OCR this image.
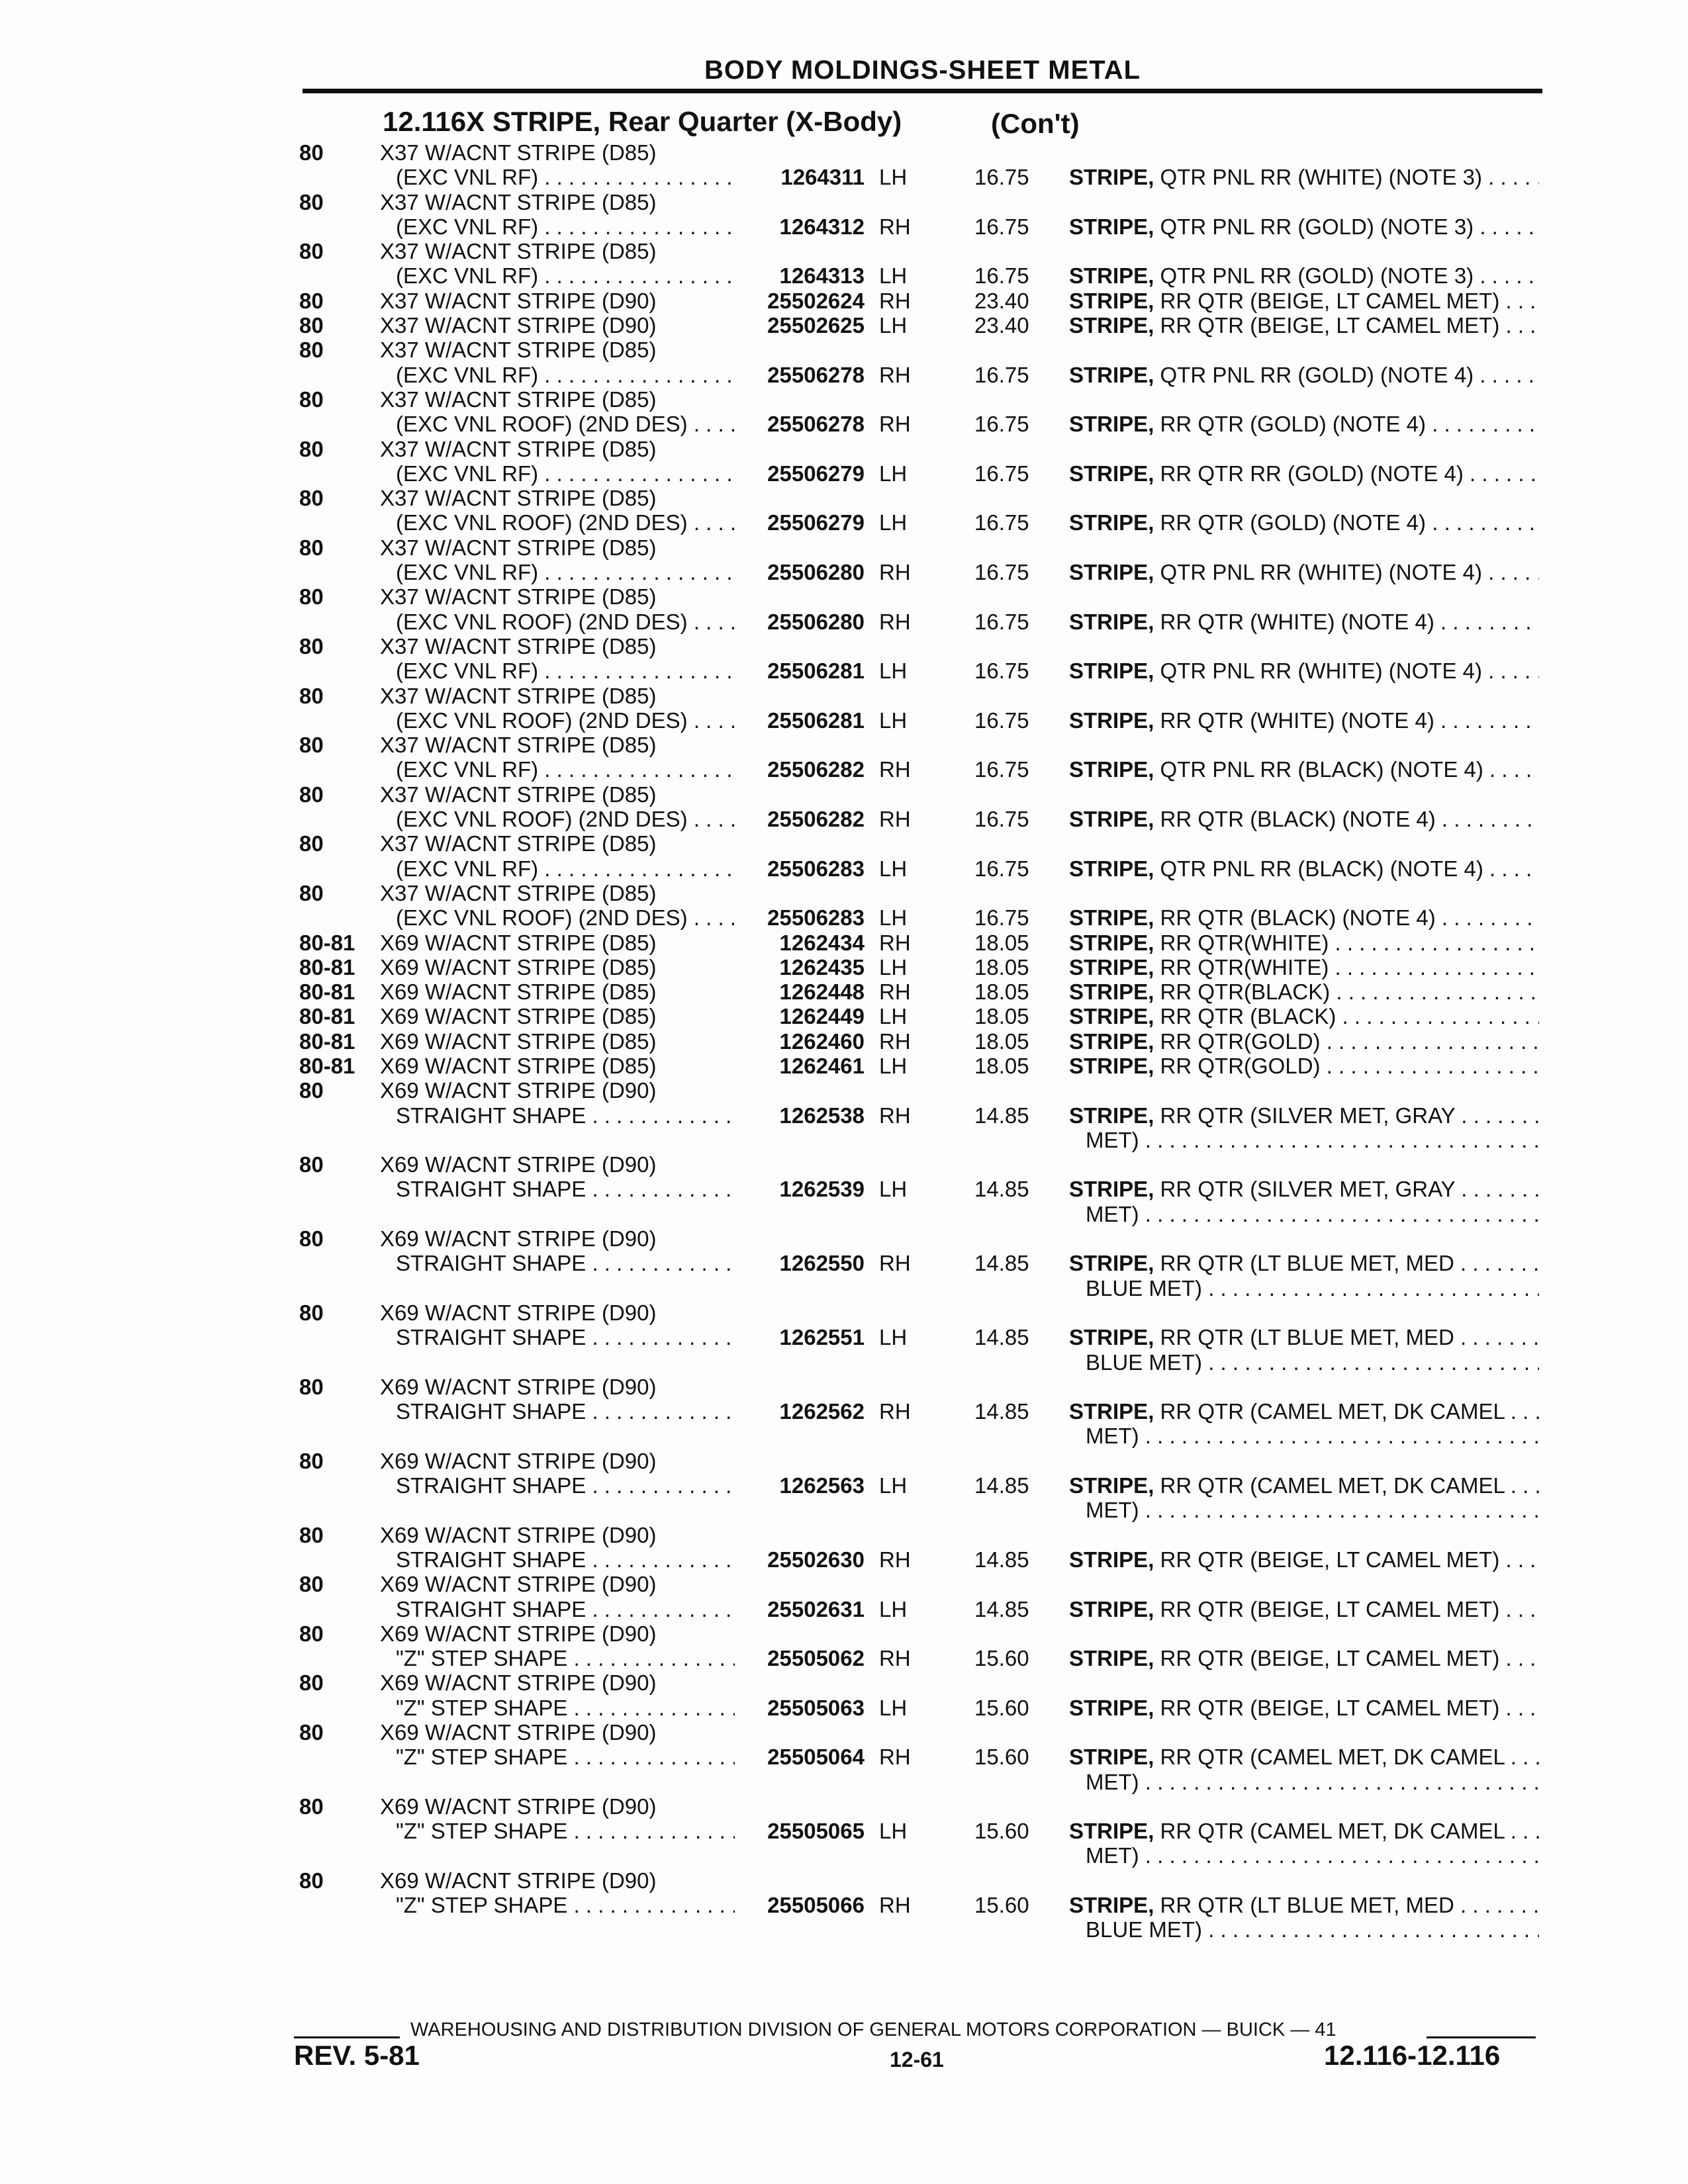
BODY MOLDINGS-SHEET METAL
12.116X STRIPE, Rear Quarter (X-Body)	(Con't)
80	X37 W/ACNT STRIPE (D85)
(EXC VNL RF) . . .	1264311 LH	16.75 STRIPE, QTR PNL RR (WHITE) (NOTE 3) . . .
80	X37 W/ACNT STRIPE (D85)
(EXC VNL RF) . . .	1264312 RH	16.75 STRIPE, QTR PNL RR (GOLD) (NOTE 3) . . .
80	X37 W/ACNT STRIPE (D85)
(EXC VNL RF) . . .	1264313 LH	16.75 STRIPE, QTR PNL RR (GOLD) (NOTE 3) . . .
80	X37 W/ACNT STRIPE (D90)	25502624 RH	23.40 STRIPE, RR QTR (BEIGE, LT CAMEL MET) . . .
80	X37 W/ACNT STRIPE (D90)	25502625 LH	23.40 STRIPE, RR QTR (BEIGE, LT CAMEL MET) . . .
80	X37 W/ACNT STRIPE (D85)
(EXC VNL RF) . . .	25506278 RH	16.75 STRIPE, QTR PNL RR (GOLD) (NOTE 4) . . .
80	X37 W/ACNT STRIPE (D85)
(EXC VNL ROOF) (2ND DES) . . .	25506278 RH	16.75 STRIPE, RR QTR (GOLD) (NOTE 4) . . .
80	X37 W/ACNT STRIPE (D85)
(EXC VNL RF) . . .	25506279 LH	16.75 STRIPE, RR QTR RR (GOLD) (NOTE 4) . . .
80	X37 W/ACNT STRIPE (D85)
(EXC VNL ROOF) (2ND DES) . . .	25506279 LH	16.75 STRIPE, RR QTR (GOLD) (NOTE 4) . . .
80	X37 W/ACNT STRIPE (D85)
(EXC VNL RF) . . .	25506280 RH	16.75 STRIPE, QTR PNL RR (WHITE) (NOTE 4) . . .
80	X37 W/ACNT STRIPE (D85)
(EXC VNL ROOF) (2ND DES) . . .	25506280 RH	16.75 STRIPE, RR QTR (WHITE) (NOTE 4) . . .
80	X37 W/ACNT STRIPE (D85)
(EXC VNL RF) . . .	25506281 LH	16.75 STRIPE, QTR PNL RR (WHITE) (NOTE 4) . . .
80	X37 W/ACNT STRIPE (D85)
(EXC VNL ROOF) (2ND DES) . . .	25506281 LH	16.75 STRIPE, RR QTR (WHITE) (NOTE 4) . . .
80	X37 W/ACNT STRIPE (D85)
(EXC VNL RF) . . .	25506282 RH	16.75 STRIPE, QTR PNL RR (BLACK) (NOTE 4) . . .
80	X37 W/ACNT STRIPE (D85)
(EXC VNL ROOF) (2ND DES) . . .	25506282 RH	16.75 STRIPE, RR QTR (BLACK) (NOTE 4) . . .
80	X37 W/ACNT STRIPE (D85)
(EXC VNL RF) . . .	25506283 LH	16.75 STRIPE, QTR PNL RR (BLACK) (NOTE 4) . . .
80	X37 W/ACNT STRIPE (D85)
(EXC VNL ROOF) (2ND DES) . . .	25506283 LH	16.75 STRIPE, RR QTR (BLACK) (NOTE 4) . . .
80-81 X69 W/ACNT STRIPE (D85)	1262434 RH	18.05 STRIPE, RR QTR(WHITE) . . .
80-81 X69 W/ACNT STRIPE (D85)	1262435 LH	18.05 STRIPE, RR QTR(WHITE) . . .
80-81 X69 W/ACNT STRIPE (D85)	1262448 RH	18.05 STRIPE, RR QTR(BLACK) . . .
80-81 X69 W/ACNT STRIPE (D85)	1262449 LH	18.05 STRIPE, RR QTR (BLACK) . . .
80-81 X69 W/ACNT STRIPE (D85)	1262460 RH	18.05 STRIPE, RR QTR(GOLD) . . .
80-81 X69 W/ACNT STRIPE (D85)	1262461 LH	18.05 STRIPE, RR QTR(GOLD) . . .
80	X69 W/ACNT STRIPE (D90)
STRAIGHT SHAPE . . .	1262538 RH	14.85 STRIPE, RR QTR (SILVER MET, GRAY . . .
MET) . . .
80	X69 W/ACNT STRIPE (D90)
STRAIGHT SHAPE . . .	1262539 LH	14.85 STRIPE, RR QTR (SILVER MET, GRAY . . .
MET) . . .
80	X69 W/ACNT STRIPE (D90)
STRAIGHT SHAPE . . .	1262550 RH	14.85 STRIPE, RR QTR (LT BLUE MET, MED . . .
BLUE MET) . . .
80	X69 W/ACNT STRIPE (D90)
STRAIGHT SHAPE . . .	1262551 LH	14.85 STRIPE, RR QTR (LT BLUE MET, MED . . .
BLUE MET) . . .
80	X69 W/ACNT STRIPE (D90)
STRAIGHT SHAPE . . .	1262562 RH	14.85 STRIPE, RR QTR (CAMEL MET, DK CAMEL . . .
MET) . . .
80	X69 W/ACNT STRIPE (D90)
STRAIGHT SHAPE . . .	1262563 LH	14.85 STRIPE, RR QTR (CAMEL MET, DK CAMEL . . .
MET) . . .
80	X69 W/ACNT STRIPE (D90)
STRAIGHT SHAPE . . .	25502630 RH	14.85 STRIPE, RR QTR (BEIGE, LT CAMEL MET) . . .
80	X69 W/ACNT STRIPE (D90)
STRAIGHT SHAPE . . .	25502631 LH	14.85 STRIPE, RR QTR (BEIGE, LT CAMEL MET) . . .
80	X69 W/ACNT STRIPE (D90)
"Z" STEP SHAPE . . .	25505062 RH	15.60 STRIPE, RR QTR (BEIGE, LT CAMEL MET) . . .
80	X69 W/ACNT STRIPE (D90)
"Z" STEP SHAPE . . .	25505063 LH	15.60 STRIPE, RR QTR (BEIGE, LT CAMEL MET) . . .
80	X69 W/ACNT STRIPE (D90)
"Z" STEP SHAPE . . .	25505064 RH	15.60 STRIPE, RR QTR (CAMEL MET, DK CAMEL . . .
MET) . . .
80	X69 W/ACNT STRIPE (D90)
"Z" STEP SHAPE . . .	25505065 LH	15.60 STRIPE, RR QTR (CAMEL MET, DK CAMEL . . .
MET) . . .
80	X69 W/ACNT STRIPE (D90)
"Z" STEP SHAPE . . .	25505066 RH	15.60 STRIPE, RR QTR (LT BLUE MET, MED . . .
BLUE MET) . . .
WAREHOUSING AND DISTRIBUTION DIVISION OF GENERAL MOTORS CORPORATION — BUICK — 41
REV. 5-81	12-61	12.116-12.116
